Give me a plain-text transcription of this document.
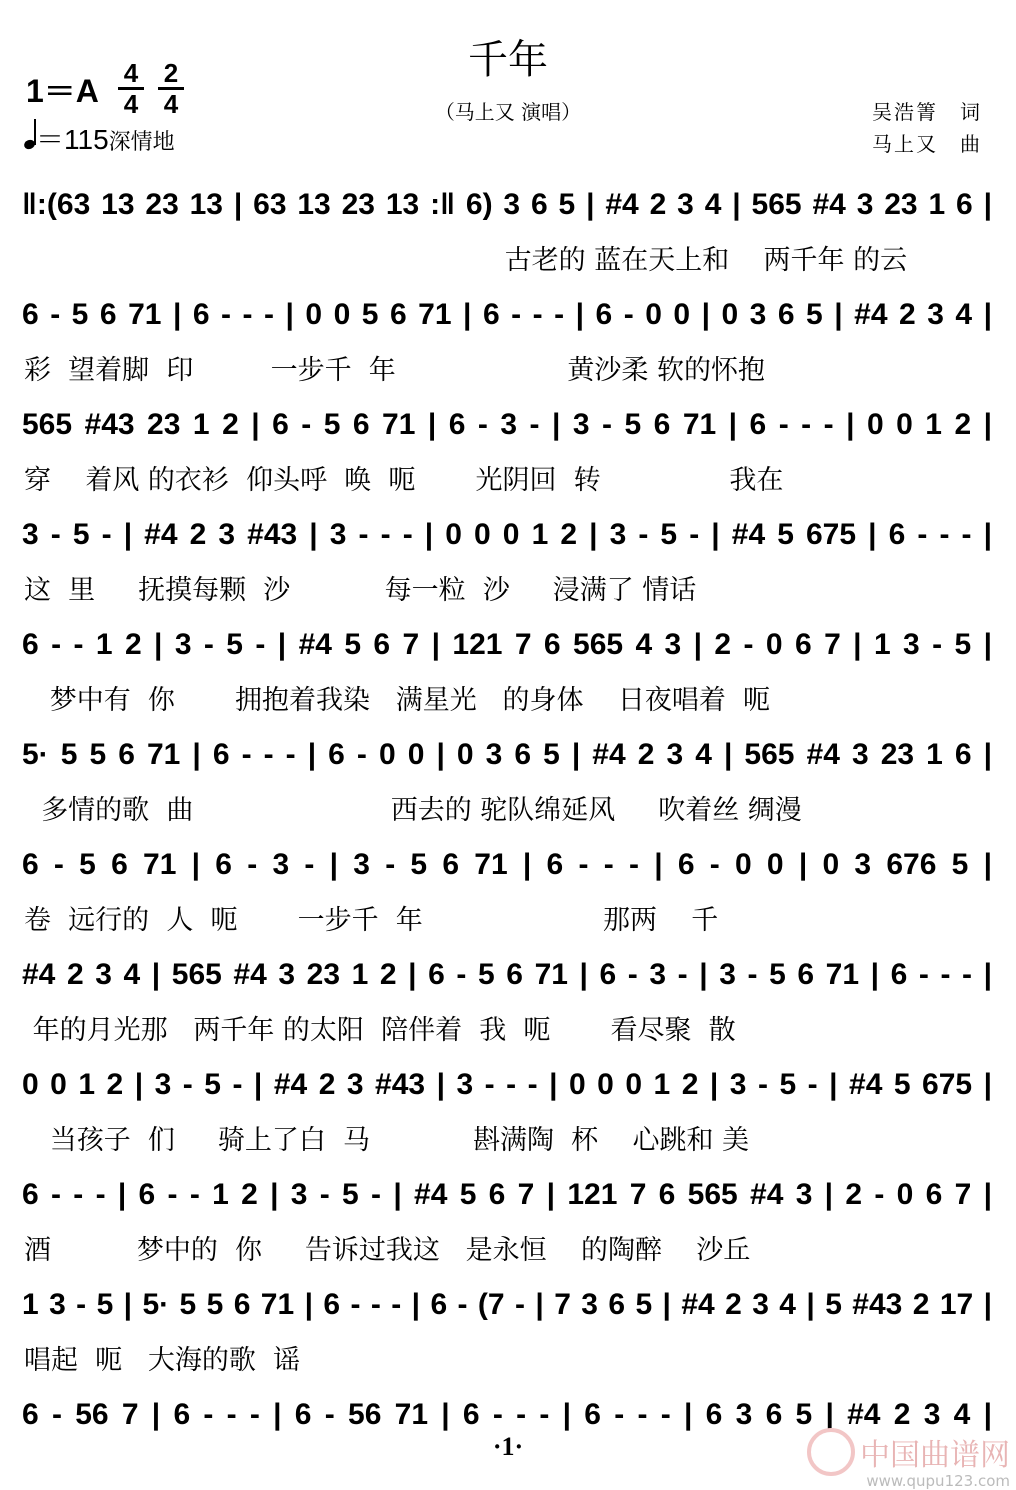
千年
1＝A 4
4
2
4
＝115深情地
（马上又 演唱）	吴浩箐　词
马上又　曲
‖:(63 13 23 13 | 63 13 23 13 :‖ 6) 3 6 5 | #4 2 3 4 | 565 #4 3 23 1 6 |
古老的 蓝在天上和    两千年 的云
6 - 5 6 71 | 6 - - - | 0 0 5 6 71 | 6 - - - | 6 - 0 0 | 0 3 6 5 | #4 2 3 4 |
彩  望着脚  印         一步千  年                    黄沙柔 软的怀抱
565 #43 23 1 2 | 6 - 5 6 71 | 6 - 3 - | 3 - 5 6 71 | 6 - - - | 0 0 1 2 |
穿    着风 的衣衫  仰头呼  唤  呃       光阴回  转               我在
3 - 5 - | #4 2 3 #43 | 3 - - - | 0 0 0 1 2 | 3 - 5 - | #4 5 675 | 6 - - - |
这  里     抚摸每颗  沙           每一粒  沙     浸满了 情话
6 - - 1 2 | 3 - 5 - | #4 5 6 7 | 121 7 6 565 4 3 | 2 - 0 6 7 | 1 3 - 5 |
梦中有  你       拥抱着我染   满星光   的身体    日夜唱着  呃
5· 5 5 6 71 | 6 - - - | 6 - 0 0 | 0 3 6 5 | #4 2 3 4 | 565 #4 3 23 1 6 |
多情的歌  曲                       西去的 驼队绵延风     吹着丝 绸漫
6 - 5 6 71 | 6 - 3 - | 3 - 5 6 71 | 6 - - - | 6 - 0 0 | 0 3 676 5 |
卷  远行的  人  呃       一步千  年                     那两    千
#4 2 3 4 | 565 #4 3 23 1 2 | 6 - 5 6 71 | 6 - 3 - | 3 - 5 6 71 | 6 - - - |
年的月光那   两千年 的太阳  陪伴着  我  呃       看尽聚  散
0 0 1 2 | 3 - 5 - | #4 2 3 #43 | 3 - - - | 0 0 0 1 2 | 3 - 5 - | #4 5 675 |
当孩子  们     骑上了白  马            斟满陶  杯    心跳和 美
6 - - - | 6 - - 1 2 | 3 - 5 - | #4 5 6 7 | 121 7 6 565 #4 3 | 2 - 0 6 7 |
酒          梦中的  你     告诉过我这   是永恒    的陶醉    沙丘
1 3 - 5 | 5· 5 5 6 71 | 6 - - - | 6 - (7 - | 7 3 6 5 | #4 2 3 4 | 5 #43 2 17 |
唱起  呃   大海的歌  谣
6 - 56 7 | 6 - - - | 6 - 56 71 | 6 - - - | 6 - - - | 6 3 6 5 | #4 2 3 4 |
·1·	中国曲谱网
www.qupu123.com
